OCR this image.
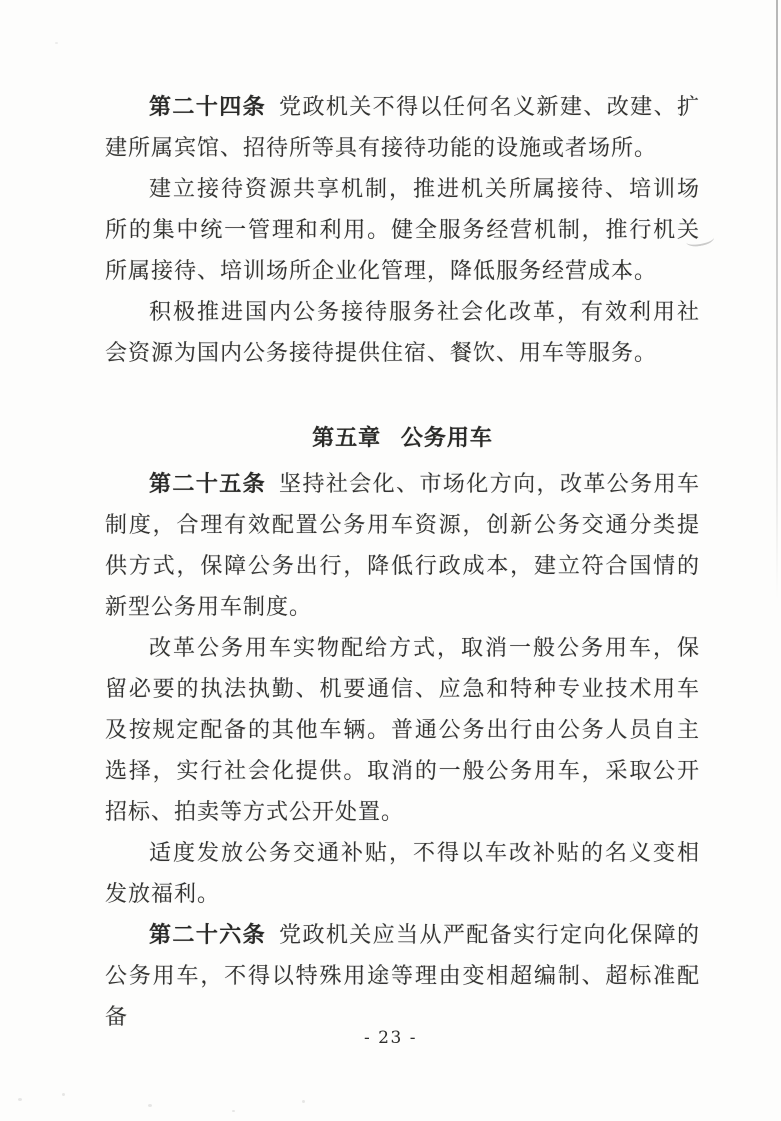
第二十四条 党政机关不得以任何名义新建、改建、扩建所属宾馆、招待所等具有接待功能的设施或者场所。

建立接待资源共享机制，推进机关所属接待、培训场所的集中统一管理和利用。健全服务经营机制，推行机关所属接待、培训场所企业化管理，降低服务经营成本。

积极推进国内公务接待服务社会化改革，有效利用社会资源为国内公务接待提供住宿、餐饮、用车等服务。

第五章 公务用车

第二十五条 坚持社会化、市场化方向，改革公务用车制度，合理有效配置公务用车资源，创新公务交通分类提供方式，保障公务出行，降低行政成本，建立符合国情的新型公务用车制度。

改革公务用车实物配给方式，取消一般公务用车，保留必要的执法执勤、机要通信、应急和特种专业技术用车及按规定配备的其他车辆。普通公务出行由公务人员自主选择，实行社会化提供。取消的一般公务用车，采取公开招标、拍卖等方式公开处置。

适度发放公务交通补贴，不得以车改补贴的名义变相发放福利。

第二十六条 党政机关应当从严配备实行定向化保障的公务用车，不得以特殊用途等理由变相超编制、超标准配备

- 23 -
